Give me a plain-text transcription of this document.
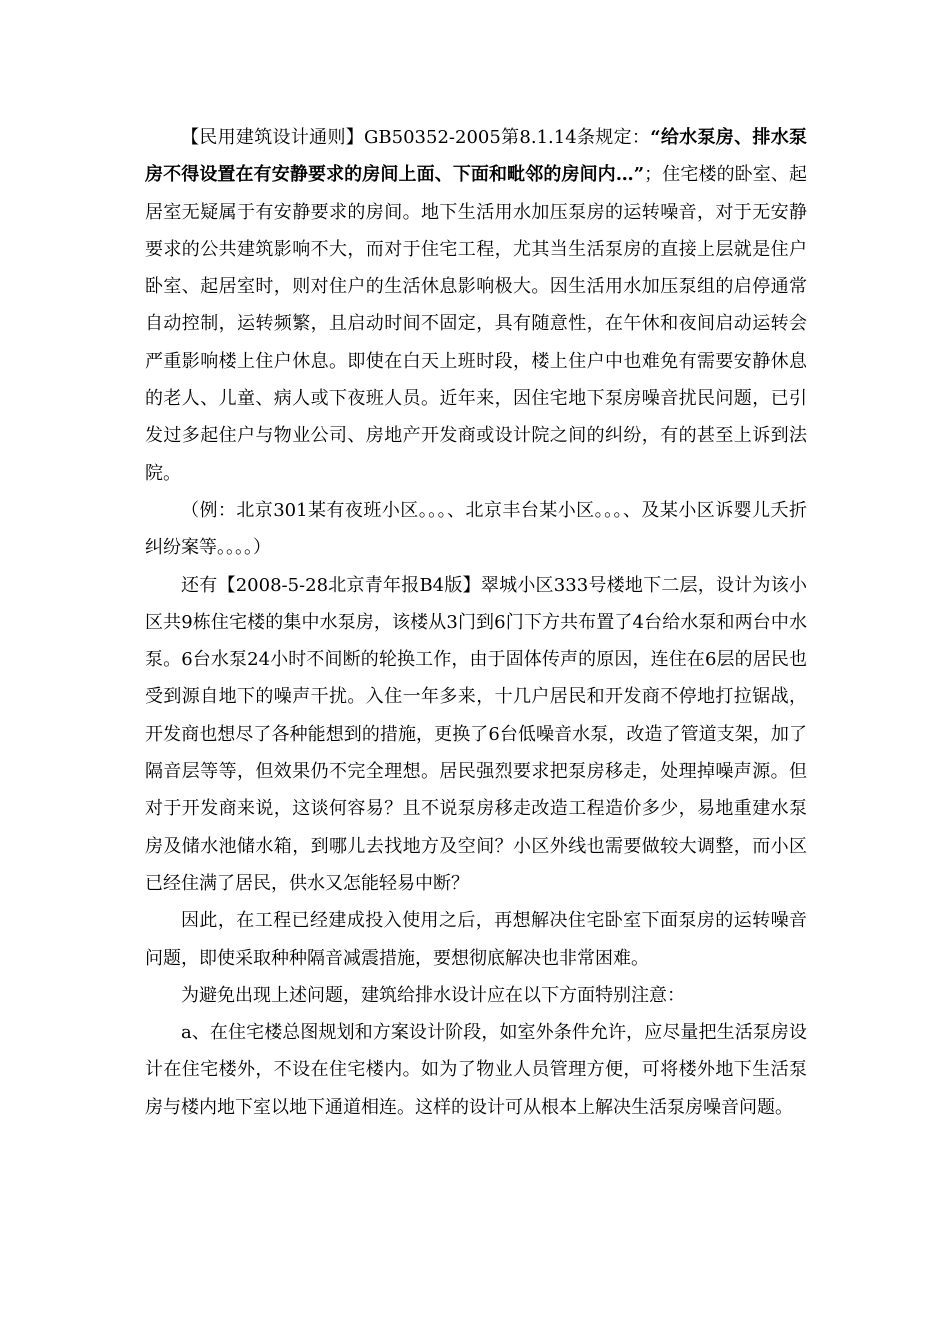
【民用建筑设计通则】GB50352-2005第8.1.14条规定：“给水泵房、排水泵房不得设置在有安静要求的房间上面、下面和毗邻的房间内…”；住宅楼的卧室、起居室无疑属于有安静要求的房间。地下生活用水加压泵房的运转噪音，对于无安静要求的公共建筑影响不大，而对于住宅工程，尤其当生活泵房的直接上层就是住户卧室、起居室时，则对住户的生活休息影响极大。因生活用水加压泵组的启停通常自动控制，运转频繁，且启动时间不固定，具有随意性，在午休和夜间启动运转会严重影响楼上住户休息。即使在白天上班时段，楼上住户中也难免有需要安静休息的老人、儿童、病人或下夜班人员。近年来，因住宅地下泵房噪音扰民问题，已引发过多起住户与物业公司、房地产开发商或设计院之间的纠纷，有的甚至上诉到法院。

（例：北京301某有夜班小区。。。、北京丰台某小区。。。、及某小区诉婴儿夭折纠纷案等。。。。）

还有【2008-5-28北京青年报B4版】翠城小区333号楼地下二层，设计为该小区共9栋住宅楼的集中水泵房，该楼从3门到6门下方共布置了4台给水泵和两台中水泵。6台水泵24小时不间断的轮换工作，由于固体传声的原因，连住在6层的居民也受到源自地下的噪声干扰。入住一年多来，十几户居民和开发商不停地打拉锯战，开发商也想尽了各种能想到的措施，更换了6台低噪音水泵，改造了管道支架，加了隔音层等等，但效果仍不完全理想。居民强烈要求把泵房移走，处理掉噪声源。但对于开发商来说，这谈何容易？且不说泵房移走改造工程造价多少，易地重建水泵房及储水池储水箱，到哪儿去找地方及空间？小区外线也需要做较大调整，而小区已经住满了居民，供水又怎能轻易中断？

因此，在工程已经建成投入使用之后，再想解决住宅卧室下面泵房的运转噪音问题，即使采取种种隔音减震措施，要想彻底解决也非常困难。

为避免出现上述问题，建筑给排水设计应在以下方面特别注意：

a、在住宅楼总图规划和方案设计阶段，如室外条件允许，应尽量把生活泵房设计在住宅楼外，不设在住宅楼内。如为了物业人员管理方便，可将楼外地下生活泵房与楼内地下室以地下通道相连。这样的设计可从根本上解决生活泵房噪音问题。
